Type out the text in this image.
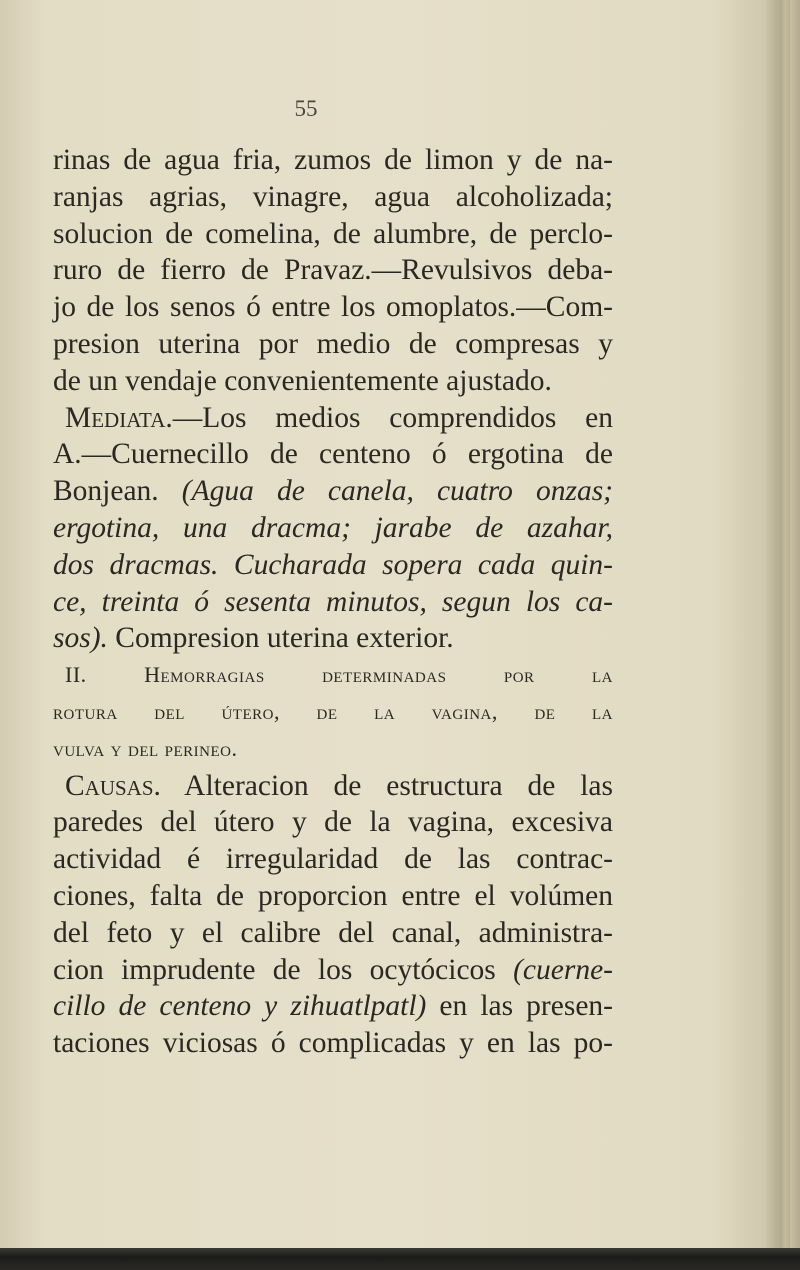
55
rinas de agua fria, zumos de limon y de na-
ranjas agrias, vinagre, agua alcoholizada;
solucion de comelina, de alumbre, de perclo-
ruro de fierro de Pravaz.—Revulsivos deba-
jo de los senos ó entre los omoplatos.—Com-
presion uterina por medio de compresas y
de un vendaje convenientemente ajustado.
Mediata.—Los medios comprendidos en
A.—Cuernecillo de centeno ó ergotina de
Bonjean. (Agua de canela, cuatro onzas;
ergotina, una dracma; jarabe de azahar,
dos dracmas. Cucharada sopera cada quin-
ce, treinta ó sesenta minutos, segun los ca-
sos). Compresion uterina exterior.
II. Hemorragias determinadas por la
rotura del útero, de la vagina, de la
vulva y del perineo.
Causas. Alteracion de estructura de las
paredes del útero y de la vagina, excesiva
actividad é irregularidad de las contrac-
ciones, falta de proporcion entre el volúmen
del feto y el calibre del canal, administra-
cion imprudente de los ocytócicos (cuerne-
cillo de centeno y zihuatlpatl) en las presen-
taciones viciosas ó complicadas y en las po-
